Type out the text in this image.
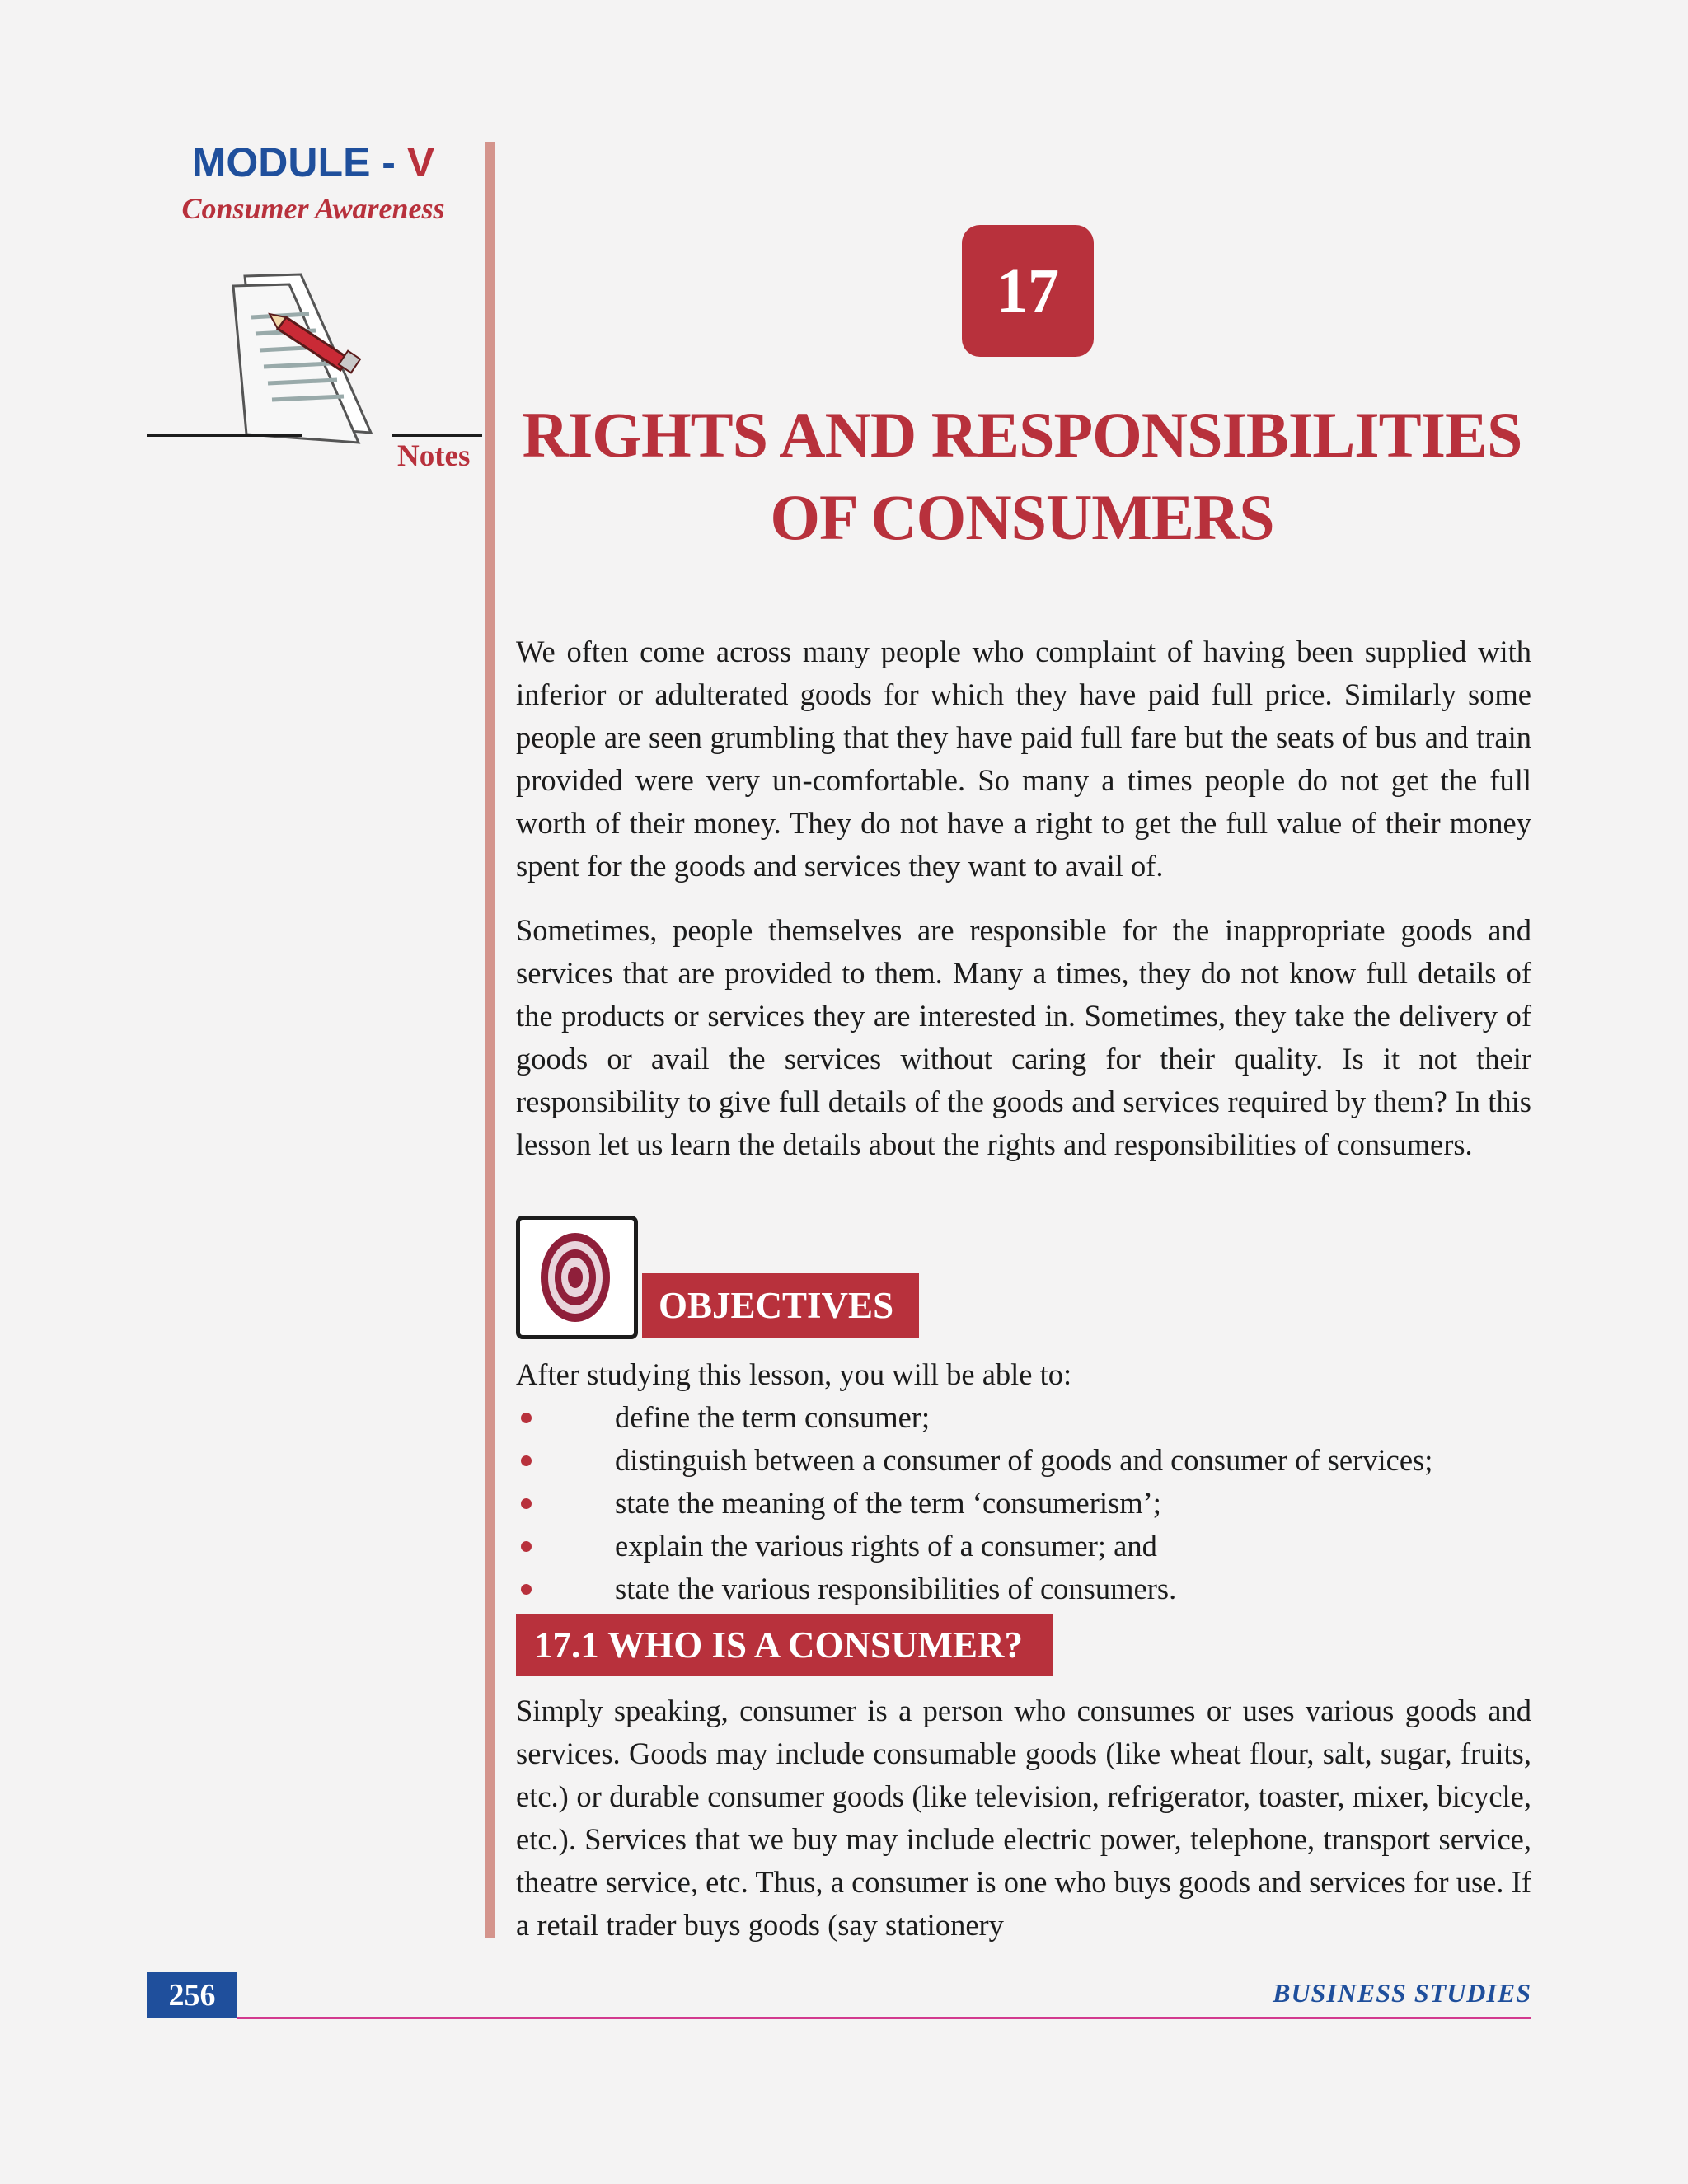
MODULE - V
Consumer Awareness
Notes
17
RIGHTS AND RESPONSIBILITIES
OF CONSUMERS

We often come across many people who complaint of having been supplied with inferior or adulterated goods for which they have paid full price. Similarly some people are seen grumbling that they have paid full fare but the seats of bus and train provided were very un-comfortable. So many a times people do not get the full worth of their money. They do not have a right to get the full value of their money spent for the goods and services they want to avail of.

Sometimes, people themselves are responsible for the inappropriate goods and services that are provided to them. Many a times, they do not know full details of the products or services they are interested in. Sometimes, they take the delivery of goods or avail the services without caring for their quality. Is it not their responsibility to give full details of the goods and services required by them? In this lesson let us learn the details about the rights and responsibilities of consumers.

OBJECTIVES
After studying this lesson, you will be able to:
define the term consumer;
distinguish between a consumer of goods and consumer of services;
state the meaning of the term ‘consumerism’;
explain the various rights of a consumer; and
state the various responsibilities of consumers.
17.1 WHO IS A CONSUMER?

Simply speaking, consumer is a person who consumes or uses various goods and services. Goods may include consumable goods (like wheat flour, salt, sugar, fruits, etc.) or durable consumer goods (like television, refrigerator, toaster, mixer, bicycle, etc.). Services that we buy may include electric power, telephone, transport service, theatre service, etc. Thus, a consumer is one who buys goods and services for use. If a retail trader buys goods (say stationery

256	BUSINESS STUDIES
